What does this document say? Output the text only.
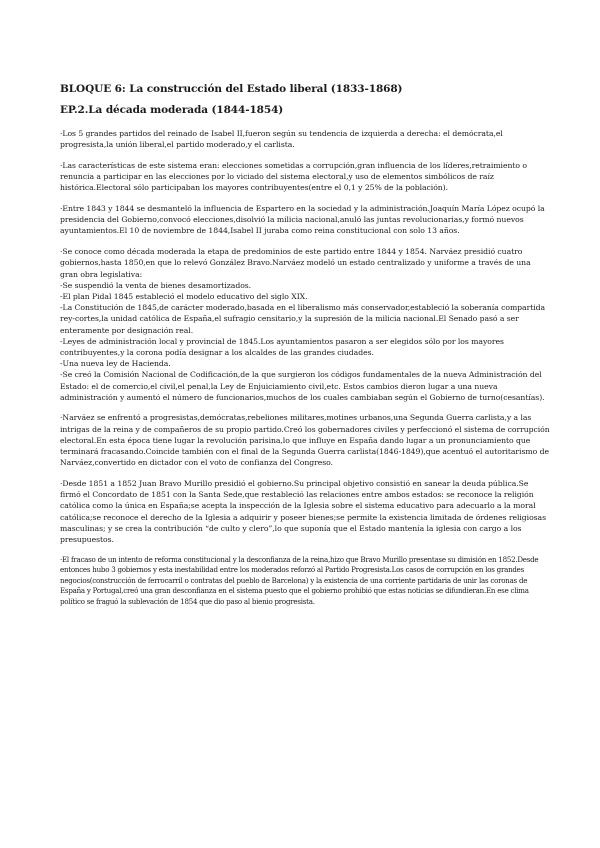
BLOQUE 6: La construcción del Estado liberal (1833-1868)
EP.2.La década moderada (1844-1854)

·Los 5 grandes partidos del reinado de Isabel II,fueron según su tendencia de izquierda a derecha: el demócrata,el progresista,la unión liberal,el partido moderado,y el carlista.

·Las características de este sistema eran: elecciones sometidas a corrupción,gran influencia de los líderes,retraimiento o renuncia a participar en las elecciones por lo viciado del sistema electoral,y uso de elementos simbólicos de raíz histórica.Electoral sólo participaban los mayores contribuyentes(entre el 0,1 y 25% de la población).

·Entre 1843 y 1844 se desmanteló la influencia de Espartero en la sociedad y la administración.Joaquín María López ocupó la presidencia del Gobierno,convocó elecciones,disolvió la milicia nacional,anuló las juntas revolucionarias,y formó nuevos ayuntamientos.El 10 de noviembre de 1844,Isabel II juraba como reina constitucional con solo 13 años.

·Se conoce como década moderada la etapa de predominios de este partido entre 1844 y 1854. Narváez presidió cuatro gobiernos,hasta 1850,en que lo relevó González Bravo.Narváez modeló un estado centralizado y uniforme a través de una gran obra legislativa:
-Se suspendió la venta de bienes desamortizados.
-El plan Pidal 1845 estableció el modelo educativo del siglo XIX.
-La Constitución de 1845,de carácter moderado,basada en el liberalismo más conservador,estableció la soberanía compartida rey-cortes,la unidad católica de España,el sufragio censitario,y la supresión de la milicia nacional.El Senado pasó a ser enteramente por designación real.
-Leyes de administración local y provincial de 1845.Los ayuntamientos pasaron a ser elegidos sólo por los mayores contribuyentes,y la corona podía designar a los alcaldes de las grandes ciudades.
-Una nueva ley de Hacienda.
-Se creó la Comisión Nacional de Codificación,de la que surgieron los códigos fundamentales de la nueva Administración del Estado: el de comercio,el civil,el penal,la Ley de Enjuiciamiento civil,etc. Estos cambios dieron lugar a una nueva administración y aumentó el número de funcionarios,muchos de los cuales cambiaban según el Gobierno de turno(cesantías).

·Narváez se enfrentó a progresistas,demócratas,rebeliones militares,motines urbanos,una Segunda Guerra carlista,y a las intrigas de la reina y de compañeros de su propio partido.Creó los gobernadores civiles y perfeccionó el sistema de corrupción electoral.En esta época tiene lugar la revolución parisina,lo que influye en España dando lugar a un pronunciamiento que terminará fracasando.Coincide también con el final de la Segunda Guerra carlista(1846-1849),que acentuó el autoritarismo de Narváez,convertido en dictador con el voto de confianza del Congreso.

·Desde 1851 a 1852 Juan Bravo Murillo presidió el gobierno.Su principal objetivo consistió en sanear la deuda pública.Se firmó el Concordato de 1851 con la Santa Sede,que restableció las relaciones entre ambos estados: se reconoce la religión católica como la única en España;se acepta la inspección de la Iglesia sobre el sistema educativo para adecuarlo a la moral católica;se reconoce el derecho de la Iglesia a adquirir y poseer bienes;se permite la existencia limitada de órdenes religiosas masculinas; y se crea la contribución “de culto y clero”,lo que suponía que el Estado mantenía la iglesia con cargo a los presupuestos.

·El fracaso de un intento de reforma constitucional y la desconfianza de la reina,hizo que Bravo Murillo presentase su dimisión en 1852.Desde entonces hubo 3 gobiernos y esta inestabilidad entre los moderados reforzó al Partido Progresista.Los casos de corrupción en los grandes negocios(construcción de ferrocarril o contratas del pueblo de Barcelona) y la existencia de una corriente partidaria de unir las coronas de España y Portugal,creó una gran desconfianza en el sistema puesto que el gobierno prohibió que estas noticias se difundieran.En ese clima político se fraguó la sublevación de 1854 que dio paso al bienio progresista.
